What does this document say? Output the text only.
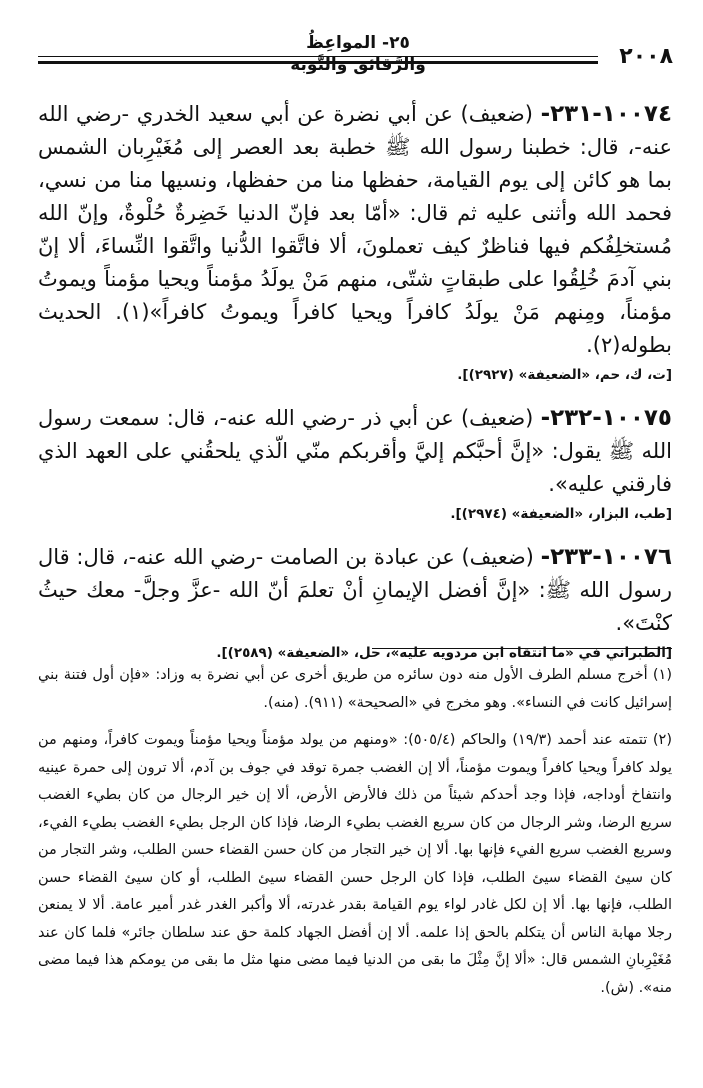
٢٥- المواعِظُ والرَّقائق والتَّوبة	٢٠٠٨

١٠٠٧٤-٢٣١- (ضعيف) عن أبي نضرة عن أبي سعيد الخدري -رضي الله عنه-، قال: خطبنا رسول الله ﷺ خطبة بعد العصر إلى مُغَيْرِبان الشمس بما هو كائن إلى يوم القيامة، حفظها منا من حفظها، ونسيها منا من نسي، فحمد الله وأثنى عليه ثم قال: «أمّا بعد فإنّ الدنيا خَضِرةٌ حُلْوةٌ، وإنّ الله مُستخلِفُكم فيها فناظرٌ كيف تعملونَ، ألا فاتَّقوا الدُّنيا واتَّقوا النِّساءَ، ألا إنّ بني آدمَ خُلِقُوا على طبقاتٍ شتّى، منهم مَنْ يولَدُ مؤمناً ويحيا مؤمناً ويموتُ مؤمناً، ومِنهم مَنْ يولَدُ كافراً ويحيا كافراً ويموتُ كافراً»(١). الحديث بطوله(٢).

[ت، ك، حم، «الضعيفة» (٢٩٢٧)].

١٠٠٧٥-٢٣٢- (ضعيف) عن أبي ذر -رضي الله عنه-، قال: سمعت رسول الله ﷺ يقول: «إنَّ أحبَّكم إليَّ وأقربكم منّي الّذي يلحقُني على العهد الذي فارقني عليه».

[طب، البزار، «الضعيفة» (٢٩٧٤)].

١٠٠٧٦-٢٣٣- (ضعيف) عن عبادة بن الصامت -رضي الله عنه-، قال: قال رسول الله ﷺ: «إنَّ أفضل الإيمانِ أنْ تعلمَ أنّ الله -عزَّ وجلَّ- معك حيثُ كنْتَ».

[الطبراني في «ما انتقاه ابن مردويه عليه»، حل، «الضعيفة» (٢٥٨٩)].

(١) أخرج مسلم الطرف الأول منه دون سائره من طريق أخرى عن أبي نضرة به وزاد: «فإن أول فتنة بني إسرائيل كانت في النساء». وهو مخرج في «الصحيحة» (٩١١). (منه).

(٢) تتمته عند أحمد (١٩/٣) والحاكم (٥٠٥/٤): «ومنهم من يولد مؤمناً ويحيا مؤمناً ويموت كافراً، ومنهم من يولد كافراً ويحيا كافراً ويموت مؤمناً، ألا إن الغضب جمرة توقد في جوف بن آدم، ألا ترون إلى حمرة عينيه وانتفاخ أوداجه، فإذا وجد أحدكم شيئاً من ذلك فالأرض الأرض، ألا إن خير الرجال من كان بطيء الغضب سريع الرضا، وشر الرجال من كان سريع الغضب بطيء الرضا، فإذا كان الرجل بطيء الغضب بطيء الفيء، وسريع الغضب سريع الفيء فإنها بها. ألا إن خير التجار من كان حسن القضاء حسن الطلب، وشر التجار من كان سيئ القضاء سيئ الطلب، فإذا كان الرجل حسن القضاء سيئ الطلب، أو كان سيئ القضاء حسن الطلب، فإنها بها. ألا إن لكل غادر لواء يوم القيامة بقدر غدرته، ألا وأكبر الغدر غدر أمير عامة. ألا لا يمنعن رجلا مهابة الناس أن يتكلم بالحق إذا علمه. ألا إن أفضل الجهاد كلمة حق عند سلطان جائر» فلما كان عند مُغَيْرِبانِ الشمس قال: «ألا إنَّ مِثْلَ ما بقى من الدنيا فيما مضى منها مثل ما بقى من يومكم هذا فيما مضى منه». (ش).
